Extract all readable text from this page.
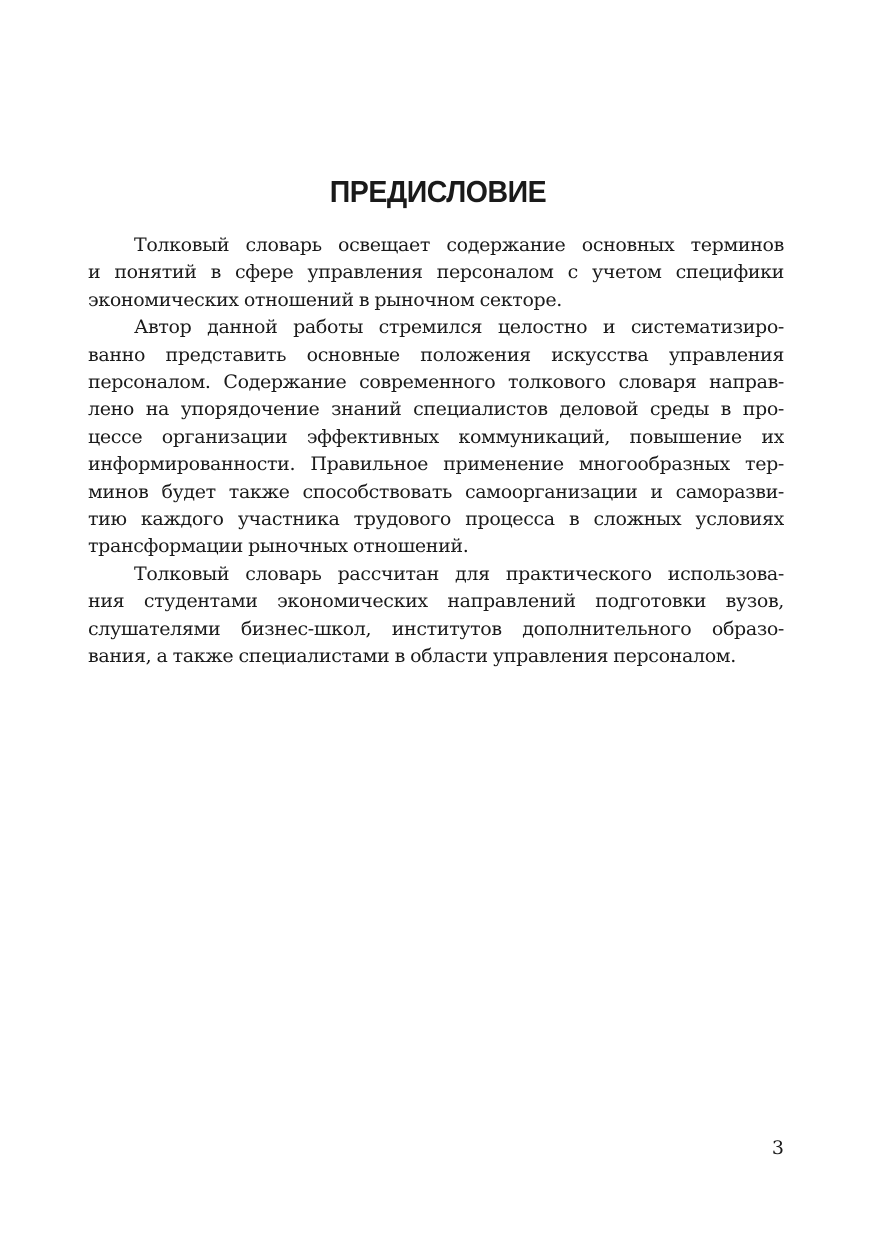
ПРЕДИСЛОВИЕ

Толковый словарь освещает содержание основных терминов
и понятий в сфере управления персоналом с учетом специфики
экономических отношений в рыночном секторе.

Автор данной работы стремился целостно и систематизиро-
ванно представить основные положения искусства управления
персоналом. Содержание современного толкового словаря направ-
лено на упорядочение знаний специалистов деловой среды в про-
цессе организации эффективных коммуникаций, повышение их
информированности. Правильное применение многообразных тер-
минов будет также способствовать самоорганизации и саморазви-
тию каждого участника трудового процесса в сложных условиях
трансформации рыночных отношений.

Толковый словарь рассчитан для практического использова-
ния студентами экономических направлений подготовки вузов,
слушателями бизнес-школ, институтов дополнительного образо-
вания, а также специалистами в области управления персоналом.

3
